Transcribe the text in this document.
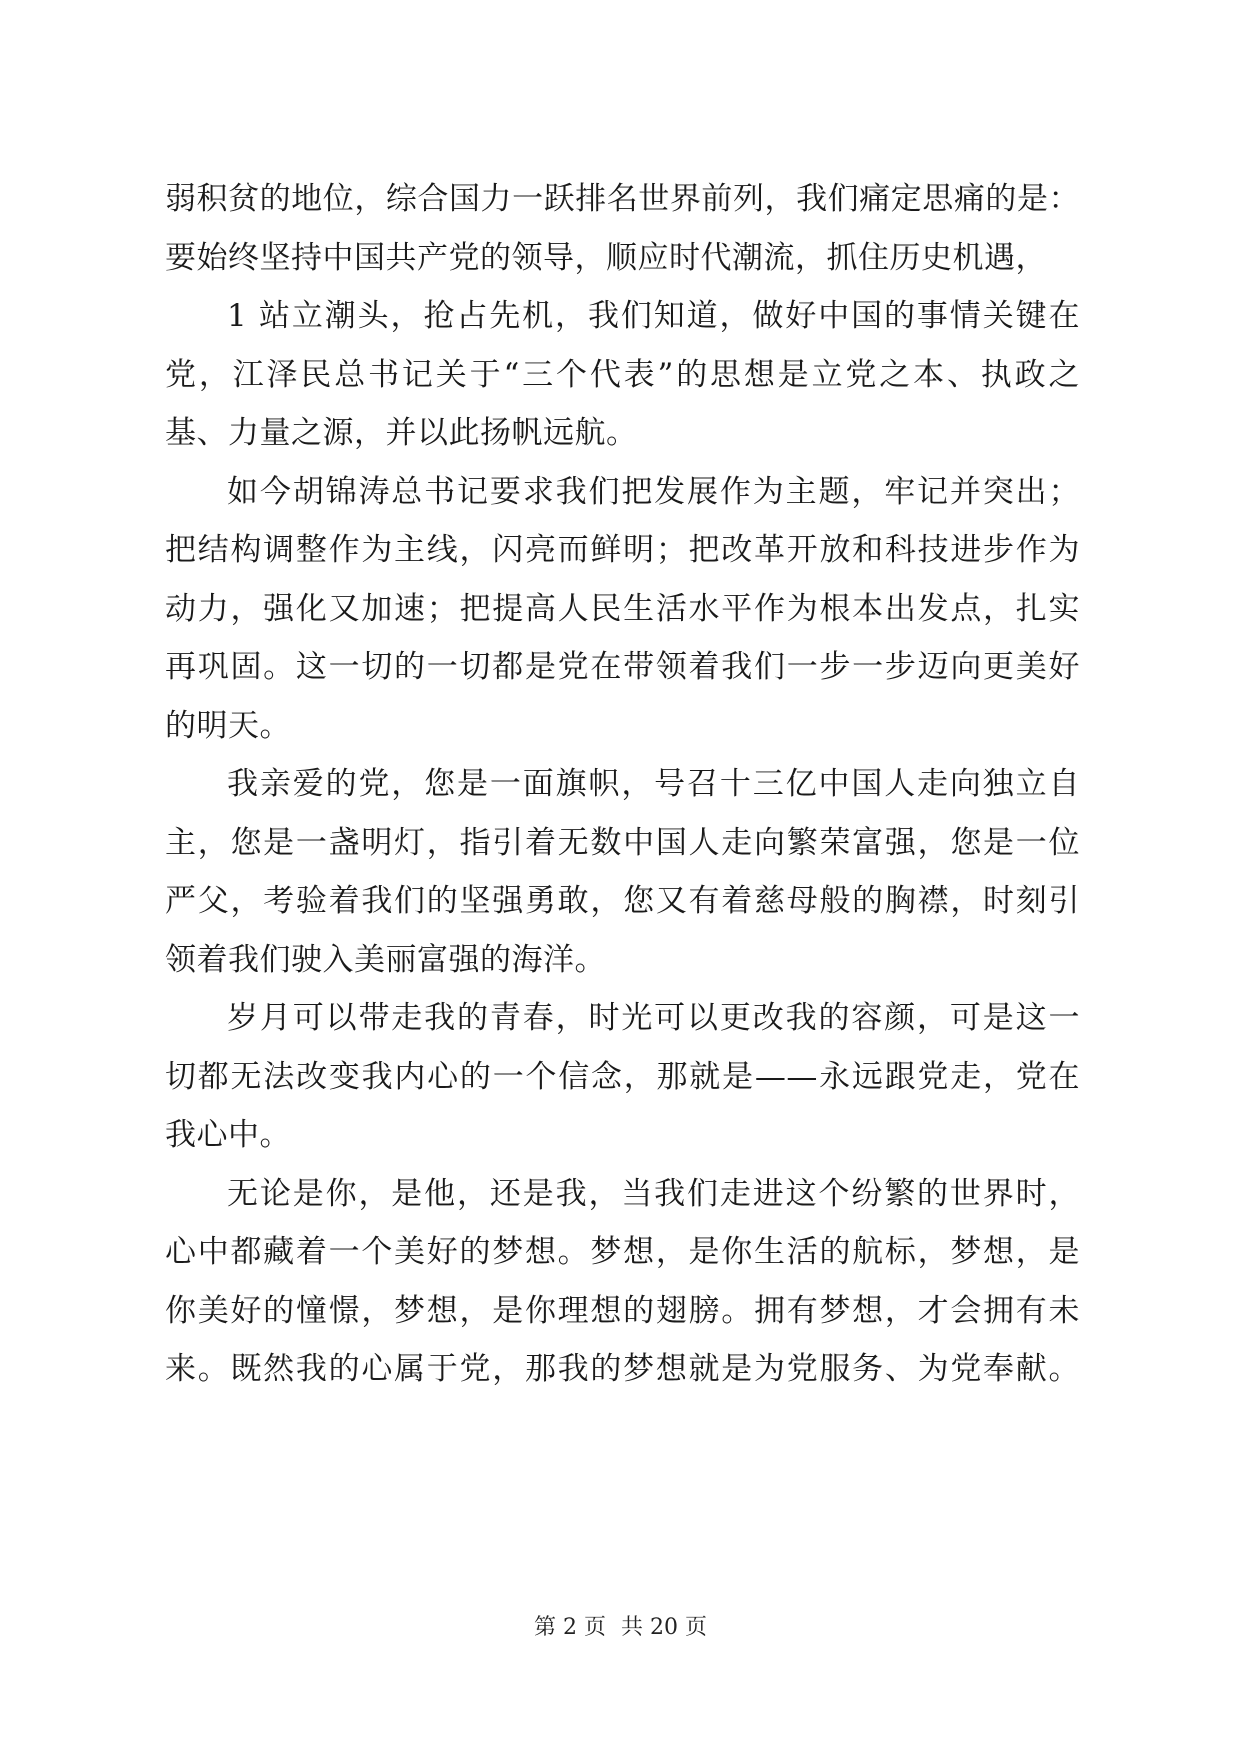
弱积贫的地位，综合国力一跃排名世界前列，我们痛定思痛的是：
要始终坚持中国共产党的领导，顺应时代潮流，抓住历史机遇，
1 站立潮头，抢占先机，我们知道，做好中国的事情关键在
党，江泽民总书记关于“三个代表”的思想是立党之本、执政之
基、力量之源，并以此扬帆远航。
如今胡锦涛总书记要求我们把发展作为主题，牢记并突出；
把结构调整作为主线，闪亮而鲜明；把改革开放和科技进步作为
动力，强化又加速；把提高人民生活水平作为根本出发点，扎实
再巩固。这一切的一切都是党在带领着我们一步一步迈向更美好
的明天。
我亲爱的党，您是一面旗帜，号召十三亿中国人走向独立自
主，您是一盏明灯，指引着无数中国人走向繁荣富强，您是一位
严父，考验着我们的坚强勇敢，您又有着慈母般的胸襟，时刻引
领着我们驶入美丽富强的海洋。
岁月可以带走我的青春，时光可以更改我的容颜，可是这一
切都无法改变我内心的一个信念，那就是——永远跟党走，党在
我心中。
无论是你，是他，还是我，当我们走进这个纷繁的世界时，
心中都藏着一个美好的梦想。梦想，是你生活的航标，梦想，是
你美好的憧憬，梦想，是你理想的翅膀。拥有梦想，才会拥有未
来。既然我的心属于党，那我的梦想就是为党服务、为党奉献。
第 2 页 共 20 页
